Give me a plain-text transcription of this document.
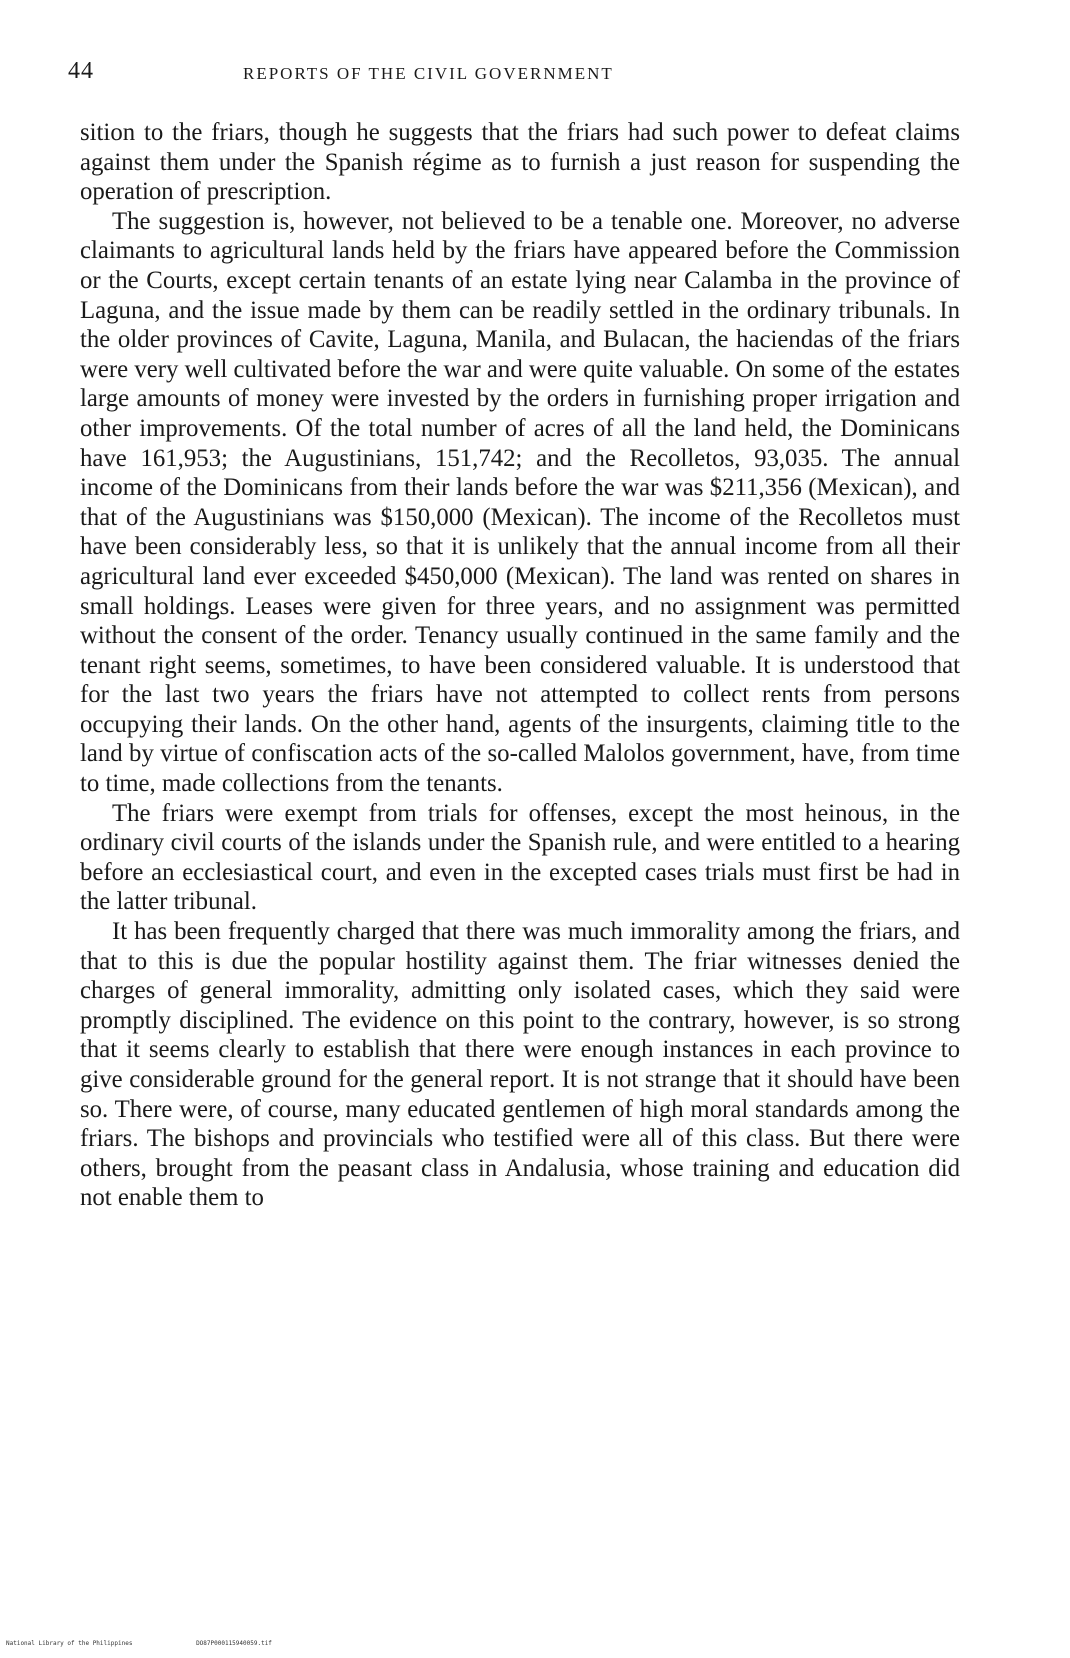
44	REPORTS OF THE CIVIL GOVERNMENT

sition to the friars, though he suggests that the friars had such power to defeat claims against them under the Spanish régime as to furnish a just reason for suspending the operation of prescription.

The suggestion is, however, not believed to be a tenable one. Moreover, no adverse claimants to agricultural lands held by the friars have appeared before the Commission or the Courts, except certain tenants of an estate lying near Calamba in the province of Laguna, and the issue made by them can be readily settled in the ordinary tribunals. In the older provinces of Cavite, Laguna, Manila, and Bulacan, the haciendas of the friars were very well cultivated before the war and were quite valuable. On some of the estates large amounts of money were invested by the orders in furnishing proper irrigation and other improvements. Of the total number of acres of all the land held, the Dominicans have 161,953; the Augustinians, 151,742; and the Recolletos, 93,035. The annual income of the Dominicans from their lands before the war was $211,356 (Mexican), and that of the Augustinians was $150,000 (Mexican). The income of the Recolletos must have been considerably less, so that it is unlikely that the annual income from all their agricultural land ever exceeded $450,000 (Mexican). The land was rented on shares in small holdings. Leases were given for three years, and no assignment was permitted without the consent of the order. Tenancy usually continued in the same family and the tenant right seems, sometimes, to have been considered valuable. It is understood that for the last two years the friars have not attempted to collect rents from persons occupying their lands. On the other hand, agents of the insurgents, claiming title to the land by virtue of confiscation acts of the so-called Malolos government, have, from time to time, made collections from the tenants.

The friars were exempt from trials for offenses, except the most heinous, in the ordinary civil courts of the islands under the Spanish rule, and were entitled to a hearing before an ecclesiastical court, and even in the excepted cases trials must first be had in the latter tribunal.

It has been frequently charged that there was much immorality among the friars, and that to this is due the popular hostility against them. The friar witnesses denied the charges of general immorality, admitting only isolated cases, which they said were promptly disciplined. The evidence on this point to the contrary, however, is so strong that it seems clearly to establish that there were enough instances in each province to give considerable ground for the general report. It is not strange that it should have been so. There were, of course, many educated gentlemen of high moral standards among the friars. The bishops and provincials who testified were all of this class. But there were others, brought from the peasant class in Andalusia, whose training and education did not enable them to

National Library of the Philippines	DO87P000115940059.tif
